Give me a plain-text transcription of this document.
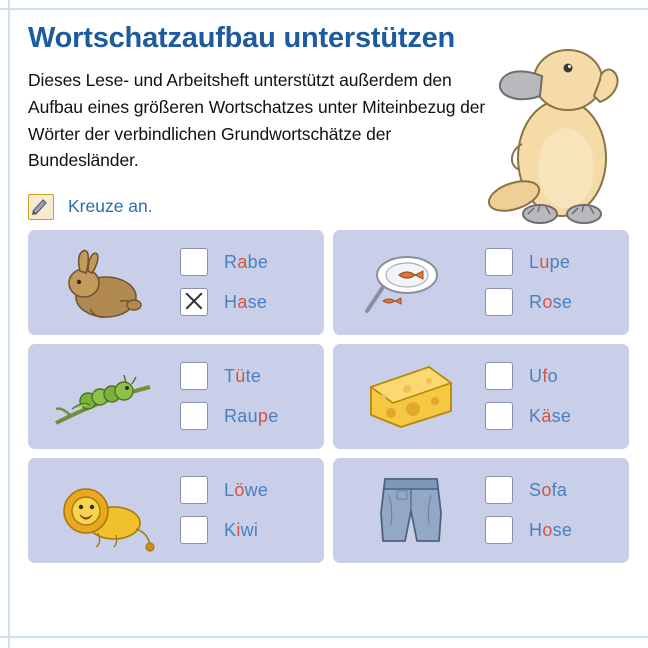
Wortschatzaufbau unterstützen

Dieses Lese- und Arbeitsheft unterstützt außerdem den Aufbau eines größeren Wortschatzes unter Miteinbezug der Wörter der verbindlichen Grundwortschätze der Bundesländer.

Kreuze an.
Rabe
Hase
Lupe
Rose
Tüte
Raupe
Ufo
Käse
Löwe
Kiwi
Sofa
Hose
